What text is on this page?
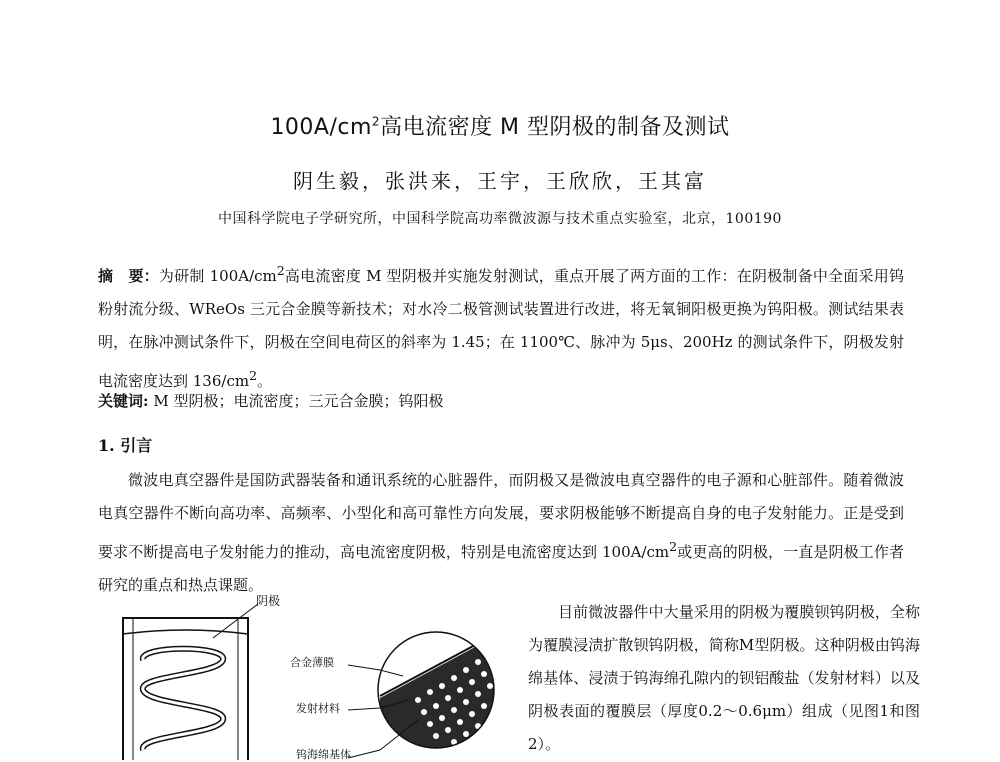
$100A/cm^2$高电流密度 M 型阴极的制备及测试
阴生毅，张洪来，王宇，王欣欣，王其富
中国科学院电子学研究所，中国科学院高功率微波源与技术重点实验室，北京，100190
摘　要：为研制 $100A/cm^2$高电流密度 M 型阴极并实施发射测试，重点开展了两方面的工作：在阴极制备中全面采用钨粉射流分级、WReOs 三元合金膜等新技术；对水冷二极管测试装置进行改进，将无氧铜阳极更换为钨阳极。测试结果表明，在脉冲测试条件下，阴极在空间电荷区的斜率为 1.45；在 1100℃、脉冲为 5μs、200Hz 的测试条件下，阴极发射电流密度达到 $136/cm^2$。
关键词: M 型阴极；电流密度；三元合金膜；钨阳极
1. 引言
微波电真空器件是国防武器装备和通讯系统的心脏器件，而阴极又是微波电真空器件的电子源和心脏部件。随着微波电真空器件不断向高功率、高频率、小型化和高可靠性方向发展，要求阴极能够不断提高自身的电子发射能力。正是受到要求不断提高电子发射能力的推动，高电流密度阴极，特别是电流密度达到 $100A/cm^2$或更高的阴极，一直是阴极工作者研究的重点和热点课题。
阴极
合金薄膜
发射材料
钨海绵基体
目前微波器件中大量采用的阴极为覆膜钡钨阴极，全称为覆膜浸渍扩散钡钨阴极，简称M型阴极。这种阴极由钨海绵基体、浸渍于钨海绵孔隙内的钡铝酸盐（发射材料）以及阴极表面的覆膜层（厚度0.2～0.6μm）组成（见图1和图2）。
